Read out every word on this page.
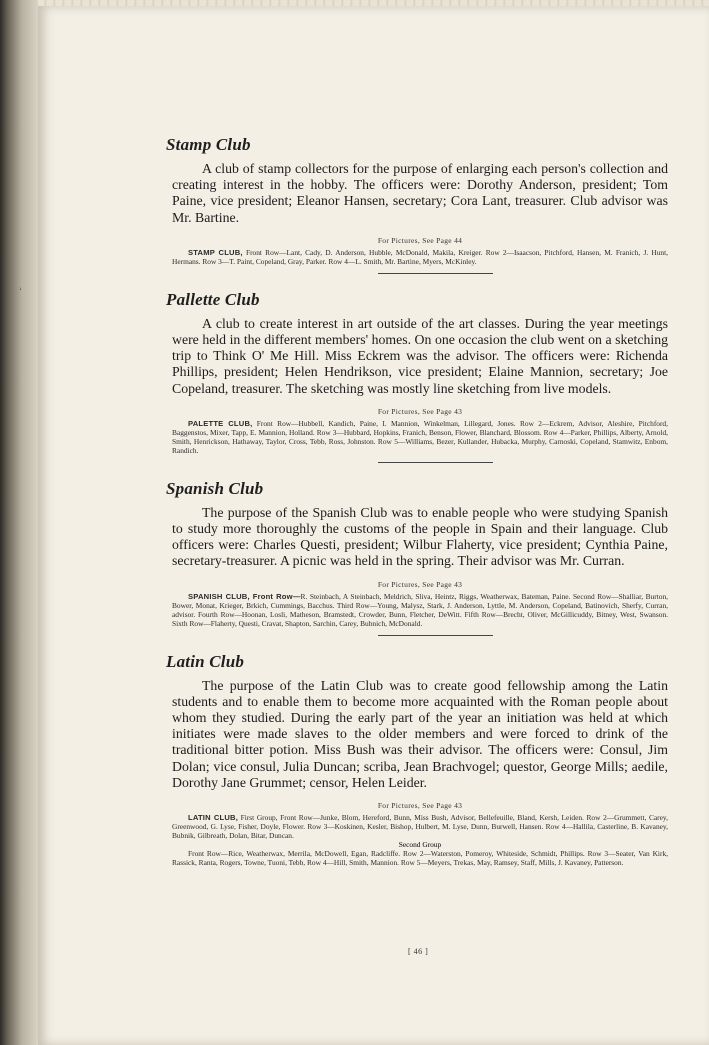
ʻ
Stamp Club

A club of stamp collectors for the purpose of enlarging each person's collection and creating interest in the hobby. The officers were: Dorothy Anderson, president; Tom Paine, vice president; Eleanor Hansen, secretary; Cora Lant, treasurer. Club advisor was Mr. Bartine.

For Pictures, See Page 44

STAMP CLUB, Front Row—Lant, Cady, D. Anderson, Hubble, McDonald, Makila, Kreiger. Row 2—Isaacson, Pitchford, Hansen, M. Franich, J. Hunt, Hermans. Row 3—T. Paint, Copeland, Gray, Parker. Row 4—L. Smith, Mr. Bartine, Myers, McKinley.

Pallette Club

A club to create interest in art outside of the art classes. During the year meetings were held in the different members' homes. On one occasion the club went on a sketching trip to Think O' Me Hill. Miss Eckrem was the advisor. The officers were: Richenda Phillips, president; Helen Hendrikson, vice president; Elaine Mannion, secretary; Joe Copeland, treasurer. The sketching was mostly line sketching from live models.

For Pictures, See Page 43

PALETTE CLUB, Front Row—Hubbell, Kandich, Paine, I. Mannion, Winkelman, Lillegard, Jones. Row 2—Eckrem, Advisor, Aleshire, Pitchford, Baggenstos, Mixer, Tapp, E. Mannion, Holland. Row 3—Hubbard, Hopkins, Franich, Benson, Flower, Blanchard, Blossom. Row 4—Parker, Phillips, Alberty, Arnold, Smith, Henrickson, Hathaway, Taylor, Cross, Tebb, Ross, Johnston. Row 5—Williams, Bezer, Kullander, Hubacka, Murphy, Carnoski, Copeland, Stamwitz, Enbom, Randich.

Spanish Club

The purpose of the Spanish Club was to enable people who were studying Spanish to study more thoroughly the customs of the people in Spain and their language. Club officers were: Charles Questi, president; Wilbur Flaherty, vice president; Cynthia Paine, secretary-treasurer. A picnic was held in the spring. Their advisor was Mr. Curran.

For Pictures, See Page 43

SPANISH CLUB, Front Row—R. Steinbach, A Steinbach, Meldrich, Sliva, Heintz, Riggs, Weatherwax, Bateman, Paine. Second Row—Shalliar, Burton, Bower, Monat, Krieger, Brkich, Cummings, Bacchus. Third Row—Young, Malysz, Stark, J. Anderson, Lyttle, M. Anderson, Copeland, Batinovich, Sherfy, Curran, advisor. Fourth Row—Hoonan, Losli, Matheson, Bramstedt, Crowder, Bunn, Fletcher, DeWitt. Fifth Row—Brecht, Oliver, McGillicuddy, Bitney, West, Swanson. Sixth Row—Flaherty, Questi, Cravat, Shapton, Sarchin, Carey, Bubnich, McDonald.

Latin Club

The purpose of the Latin Club was to create good fellowship among the Latin students and to enable them to become more acquainted with the Roman people about whom they studied. During the early part of the year an initiation was held at which initiates were made slaves to the older members and were forced to drink of the traditional bitter potion. Miss Bush was their advisor. The officers were: Consul, Jim Dolan; vice consul, Julia Duncan; scriba, Jean Brachvogel; questor, George Mills; aedile, Dorothy Jane Grummet; censor, Helen Leider.

For Pictures, See Page 43

LATIN CLUB, First Group, Front Row—Junke, Blom, Hereford, Bunn, Miss Bush, Advisor, Bellefeuille, Bland, Kersh, Leiden. Row 2—Grummett, Carey, Greenwood, G. Lyse, Fisher, Doyle, Flower. Row 3—Koskinen, Kesler, Bishop, Hulbert, M. Lyse, Dunn, Burwell, Hansen. Row 4—Hallila, Casterline, B. Kavaney, Bubnik, Gilbreath, Dolan, Bitar, Duncan.

Second Group

Front Row—Rice, Weatherwax, Merrila, McDowell, Egan, Radcliffe. Row 2—Waterston, Pomeroy, Whiteside, Schmidt, Phillips. Row 3—Seater, Van Kirk, Rassick, Ranta, Rogers, Towne, Tuoni, Tebb, Row 4—Hill, Smith, Mannion. Row 5—Meyers, Trekas, May, Ramsey, Staff, Mills, J. Kavaney, Patterson.

[ 46 ]
